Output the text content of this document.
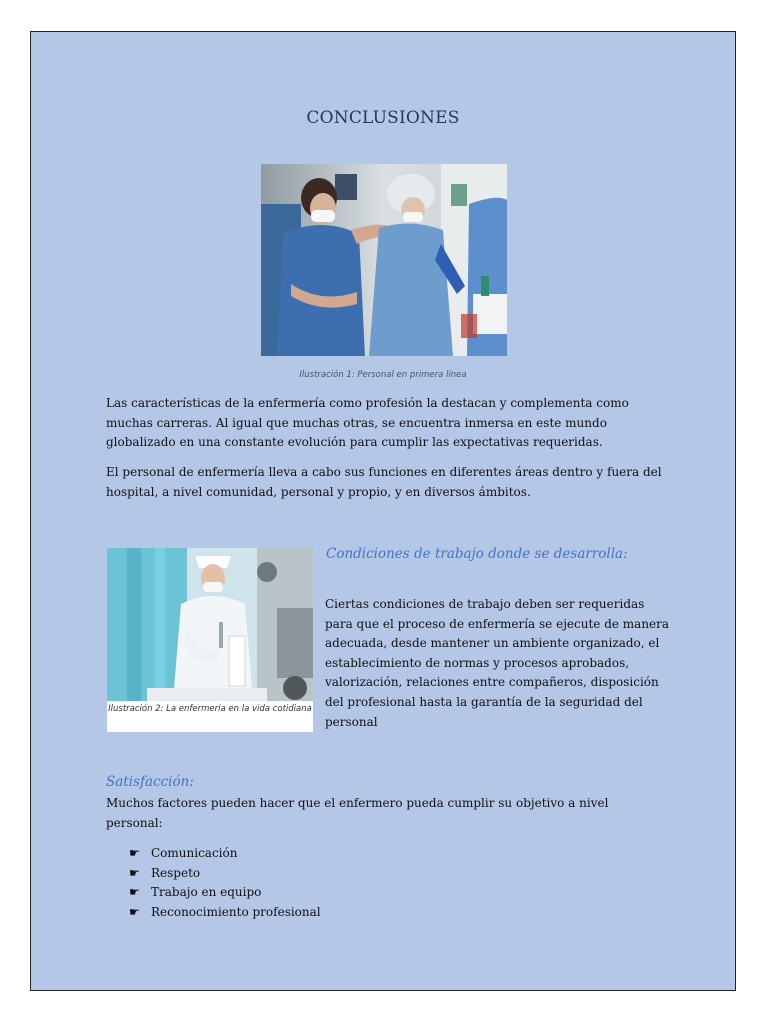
CONCLUSIONES
Ilustración 1: Personal en primera línea
Las características de la enfermería como profesión la destacan y complementa como muchas carreras. Al igual que muchas otras, se encuentra inmersa en este mundo globalizado en una constante evolución para cumplir las expectativas requeridas.
El personal de enfermería lleva a cabo sus funciones en diferentes áreas dentro y fuera del hospital, a nivel comunidad, personal y propio, y en diversos ámbitos.
Ilustración 2: La enfermería en la vida cotidiana
Condiciones de trabajo donde se desarrolla:
Ciertas condiciones de trabajo deben ser requeridas para que el proceso de enfermería se ejecute de manera adecuada, desde mantener un ambiente organizado, el establecimiento de normas y procesos aprobados, valorización, relaciones entre compañeros, disposición del profesional hasta la garantía de la seguridad del personal
Satisfacción:
Muchos factores pueden hacer que el enfermero pueda cumplir su objetivo a nivel personal:
☛ Comunicación
☛ Respeto
☛ Trabajo en equipo
☛ Reconocimiento profesional
